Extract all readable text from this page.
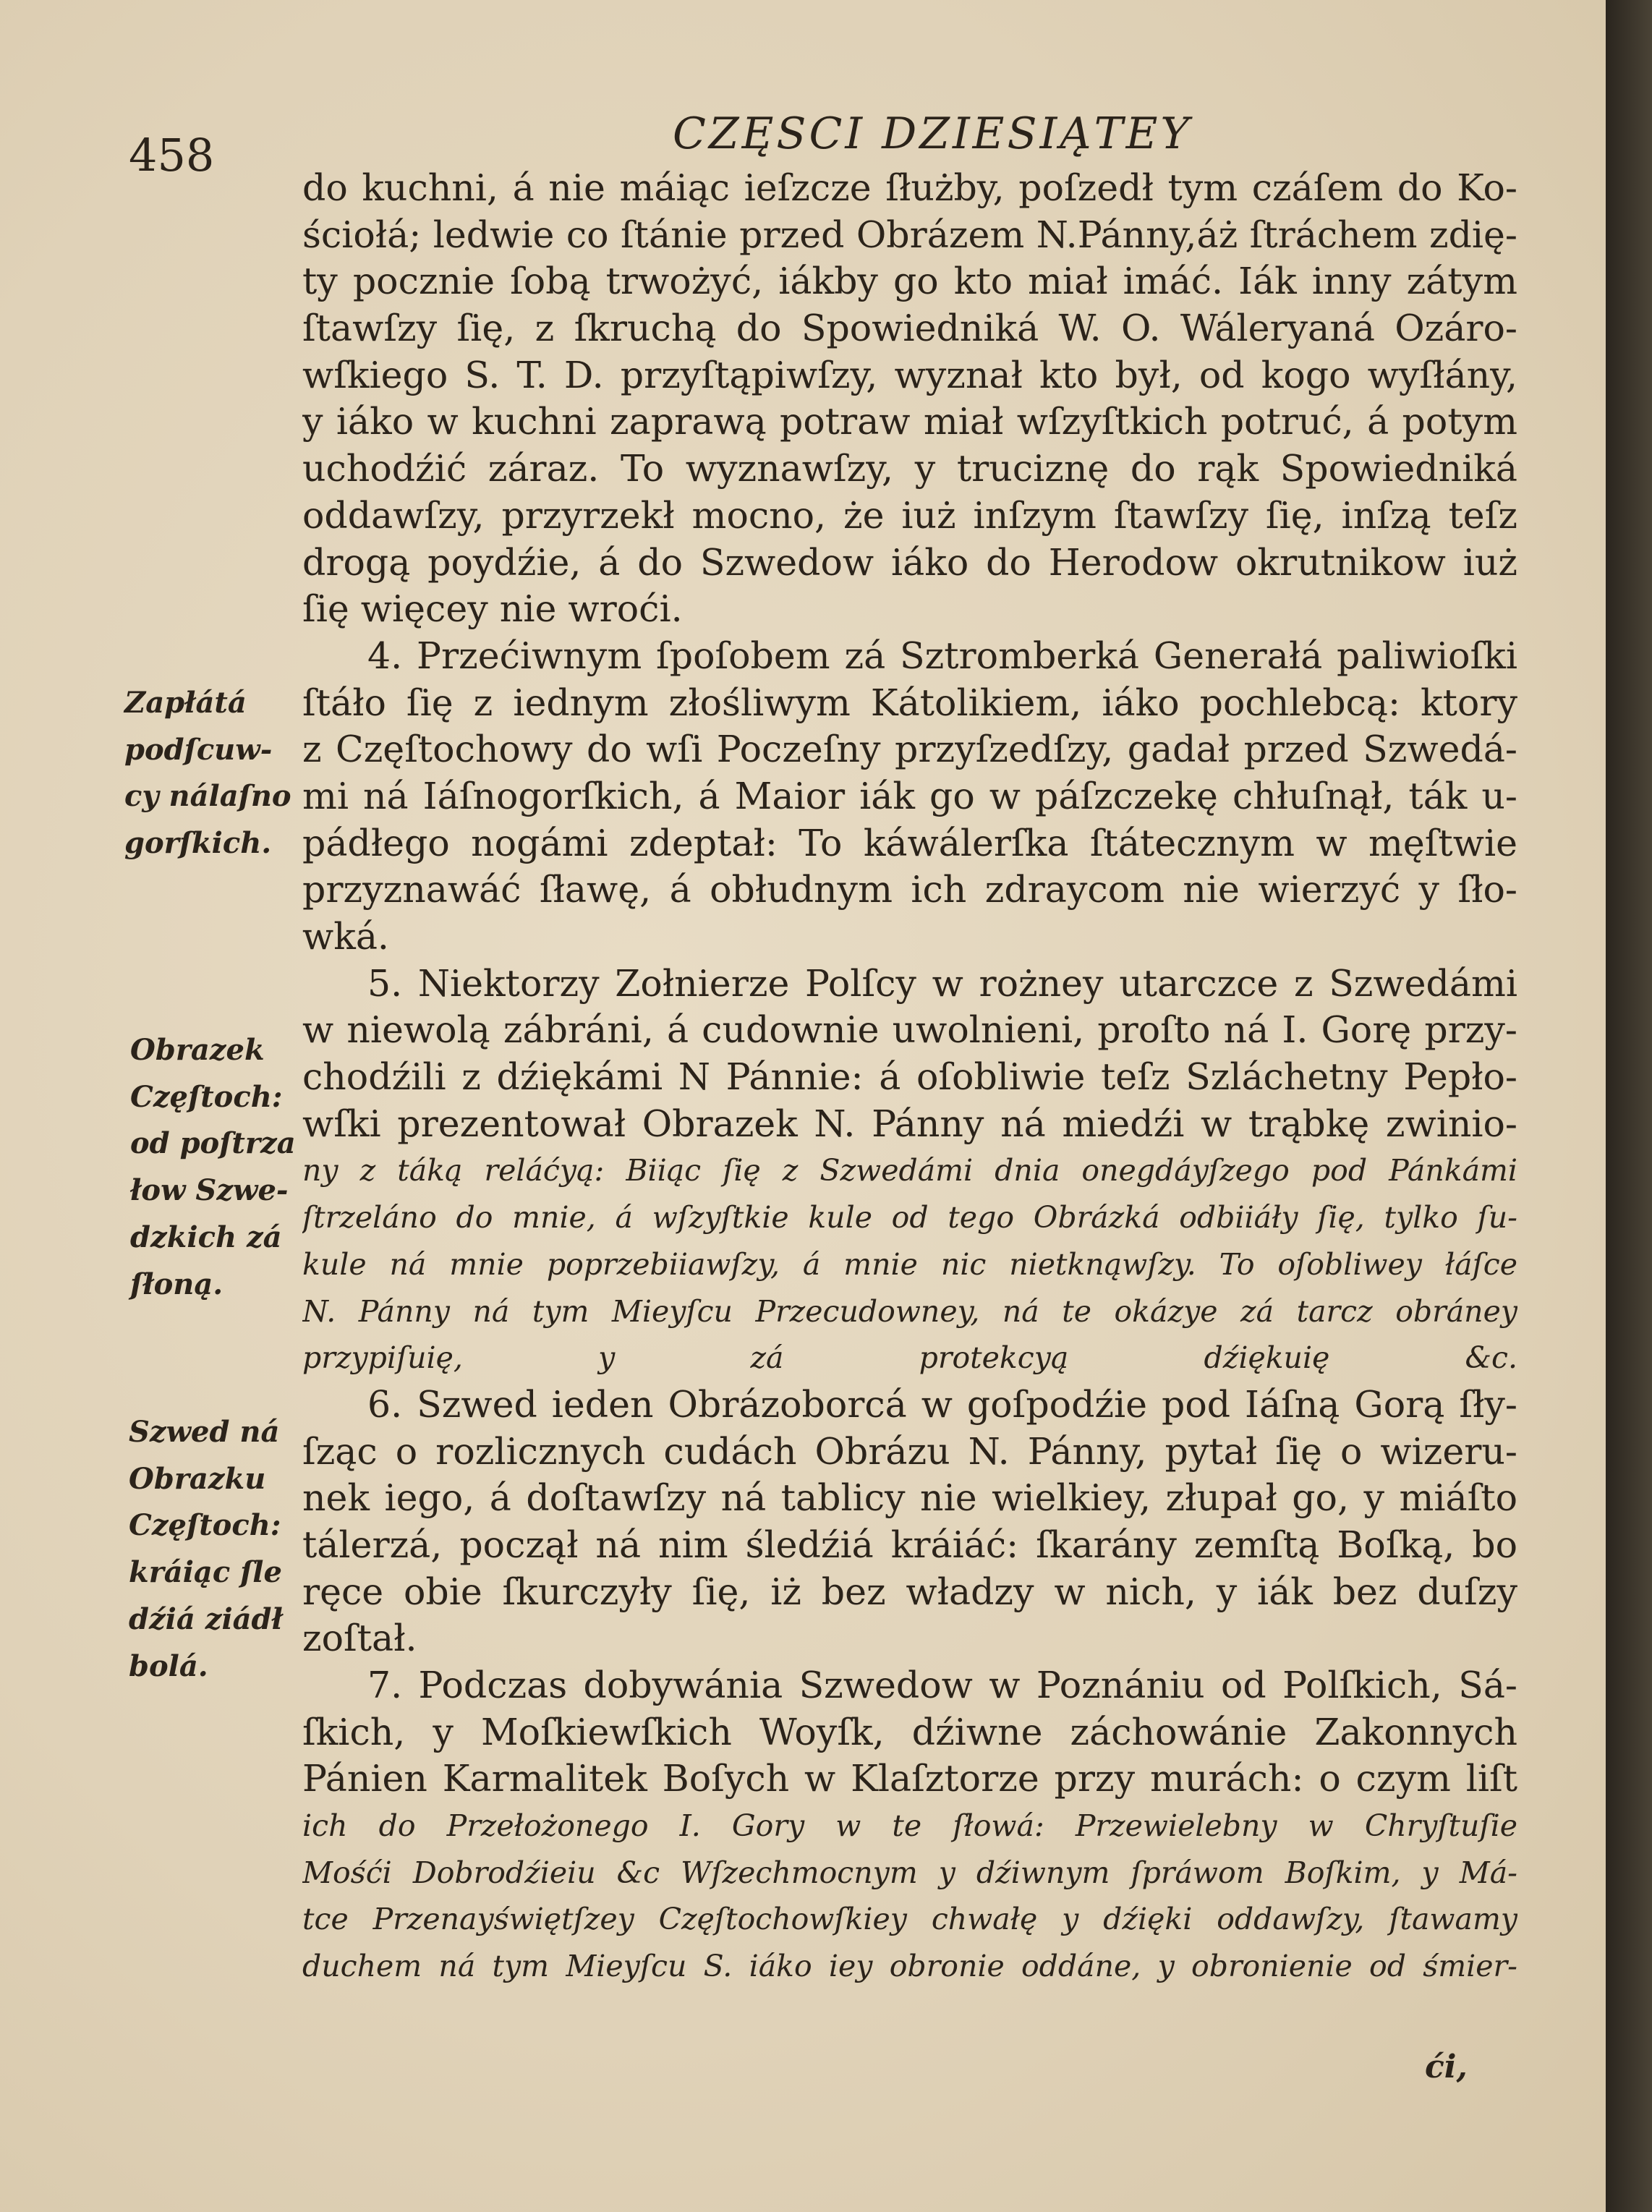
458	CZĘSCI DZIESIĄTEY
do kuchni, á nie máiąc ieſzcze ſłużby, poſzedł tym czáſem do Ko-
ściołá; ledwie co ſtánie przed Obrázem N.Pánny,áż ſtráchem zdię-
ty pocznie ſobą trwożyć, iákby go kto miał imáć. Iák inny zátym
ſtawſzy ſię, z ſkruchą do Spowiedniká W. O. Wáleryaná Ozáro-
wſkiego S. T. D. przyſtąpiwſzy, wyznał kto był, od kogo wyſłány,
y iáko w kuchni zaprawą potraw miał wſzyſtkich potruć, á potym
uchodźić záraz. To wyznawſzy, y truciznę do rąk Spowiedniká
oddawſzy, przyrzekł mocno, że iuż inſzym ſtawſzy ſię, inſzą teſz
drogą poydźie, á do Szwedow iáko do Herodow okrutnikow iuż
ſię więcey nie wroći.
4. Przećiwnym ſpoſobem zá Sztromberká Generałá paliwioſki
ſtáło ſię z iednym złośliwym Kátolikiem, iáko pochlebcą: ktory
z Częſtochowy do wſi Poczeſny przyſzedſzy, gadał przed Szwedá-
mi ná Iáſnogorſkich, á Maior iák go w páſzczekę chłuſnął, ták u-
pádłego nogámi zdeptał: To káwálerſka ſtátecznym w męſtwie
przyznawáć ſławę, á obłudnym ich zdraycom nie wierzyć y ſło-
wká.
5. Niektorzy Zołnierze Polſcy w rożney utarczce z Szwedámi
w niewolą zábráni, á cudownie uwolnieni, proſto ná I. Gorę przy-
chodźili z dźiękámi N Pánnie: á oſobliwie teſz Szláchetny Pepło-
wſki prezentował Obrazek N. Pánny ná miedźi w trąbkę zwinio-
ny z táką reláćyą: Biiąc ſię z Szwedámi dnia onegdáyſzego pod Pánkámi
ſtrzeláno do mnie, á wſzyſtkie kule od tego Obrázká odbiiáły ſię, tylko ſu-
kule ná mnie poprzebiiawſzy, á mnie nic nietknąwſzy. To oſobliwey łáſce
N. Pánny ná tym Mieyſcu Przecudowney, ná te okázye zá tarcz obráney
przypiſuię, y zá protekcyą dźiękuię &c.
6. Szwed ieden Obrázoborcá w goſpodźie pod Iáſną Gorą ſły-
ſząc o rozlicznych cudách Obrázu N. Pánny, pytał ſię o wizeru-
nek iego, á doſtawſzy ná tablicy nie wielkiey, złupał go, y miáſto
tálerzá, począł ná nim śledźiá kráiáć: ſkarány zemſtą Boſką, bo
ręce obie ſkurczyły ſię, iż bez władzy w nich, y iák bez duſzy
zoſtał.
7. Podczas dobywánia Szwedow w Poznániu od Polſkich, Sá-
ſkich, y Moſkiewſkich Woyſk, dźiwne záchowánie Zakonnych
Pánien Karmalitek Boſych w Klaſztorze przy murách: o czym liſt
ich do Przełożonego I. Gory w te ſłowá: Przewielebny w Chryſtuſie
Mośći Dobrodźieiu &c Wſzechmocnym y dźiwnym ſpráwom Boſkim, y Má-
tce Przenayświętſzey Częſtochowſkiey chwałę y dźięki oddawſzy, ſtawamy
duchem ná tym Mieyſcu S. iáko iey obronie oddáne, y obronienie od śmier-
Zapłátá
podſcuw-
cy nálaſno
gorſkich.
Obrazek
Częſtoch:
od poſtrza
łow Szwe-
dzkich zá
ſłoną.
Szwed ná
Obrazku
Częſtoch:
kráiąc ſle
dźiá ziádł
bolá.
ći,
